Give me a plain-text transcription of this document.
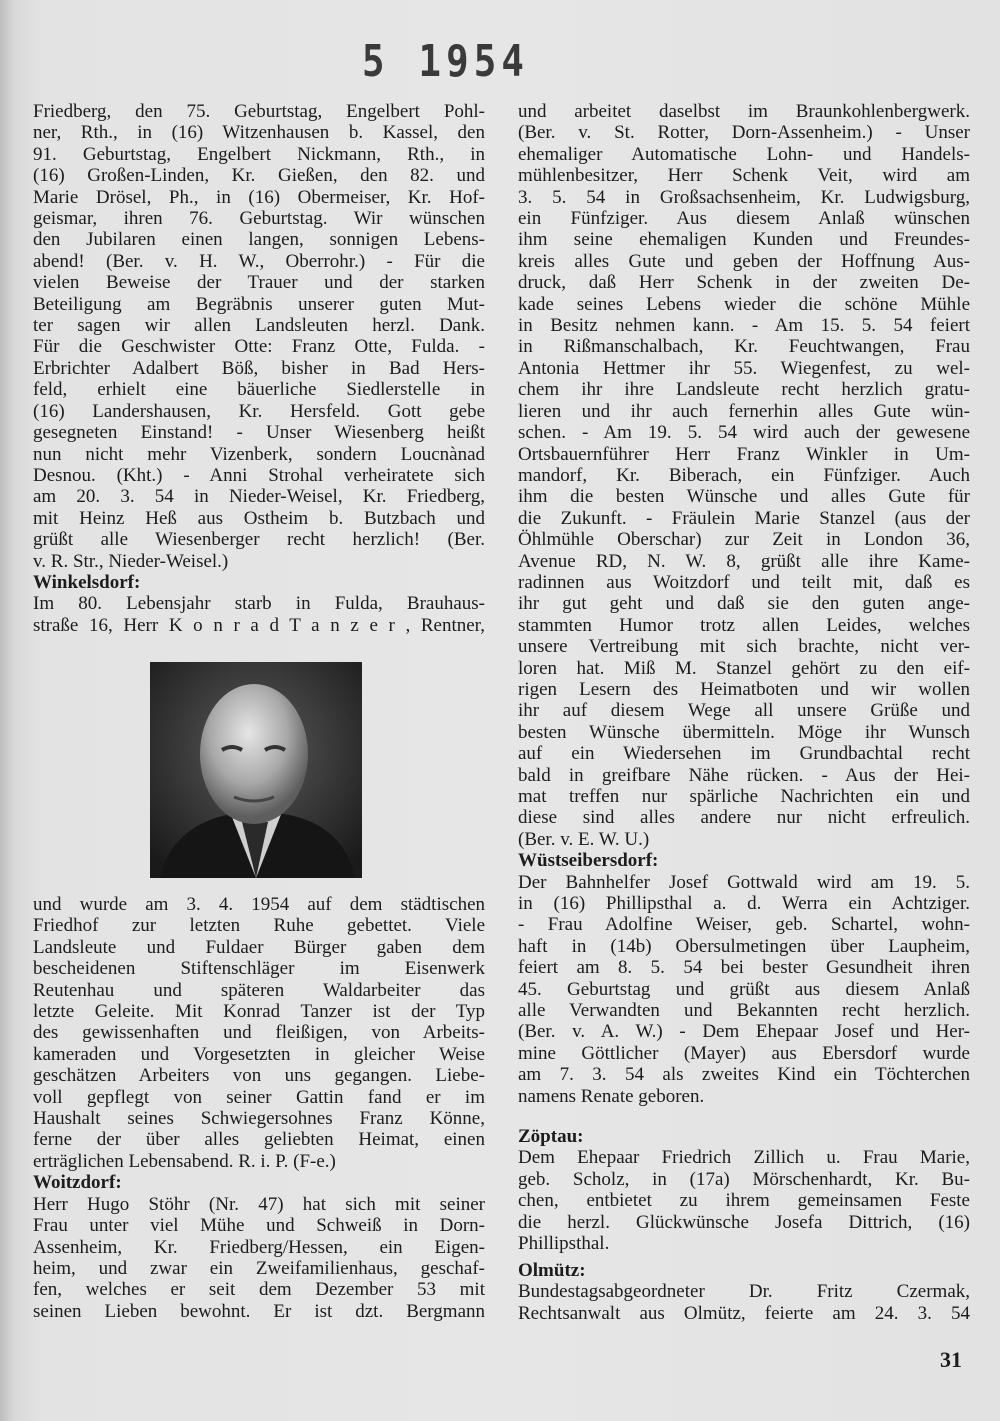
5 1954
Friedberg, den 75. Geburtstag, Engelbert Pohl-
ner, Rth., in (16) Witzenhausen b. Kassel, den
91. Geburtstag, Engelbert Nickmann, Rth., in
(16) Großen-Linden, Kr. Gießen, den 82. und
Marie Drösel, Ph., in (16) Obermeiser, Kr. Hof-
geismar, ihren 76. Geburtstag. Wir wünschen
den Jubilaren einen langen, sonnigen Lebens-
abend! (Ber. v. H. W., Oberrohr.) - Für die
vielen Beweise der Trauer und der starken
Beteiligung am Begräbnis unserer guten Mut-
ter sagen wir allen Landsleuten herzl. Dank.
Für die Geschwister Otte: Franz Otte, Fulda. -
Erbrichter Adalbert Böß, bisher in Bad Hers-
feld, erhielt eine bäuerliche Siedlerstelle in
(16) Landershausen, Kr. Hersfeld. Gott gebe
gesegneten Einstand! - Unser Wiesenberg heißt
nun nicht mehr Vizenberk, sondern Loucnànad
Desnou. (Kht.) - Anni Strohal verheiratete sich
am 20. 3. 54 in Nieder-Weisel, Kr. Friedberg,
mit Heinz Heß aus Ostheim b. Butzbach und
grüßt alle Wiesenberger recht herzlich! (Ber.
v. R. Str., Nieder-Weisel.)
Winkelsdorf:
Im 80. Lebensjahr starb in Fulda, Brauhaus-
straße 16, Herr K o n r a d T a n z e r , Rentner,
und wurde am 3. 4. 1954 auf dem städtischen
Friedhof zur letzten Ruhe gebettet. Viele
Landsleute und Fuldaer Bürger gaben dem
bescheidenen Stiftenschläger im Eisenwerk
Reutenhau und späteren Waldarbeiter das
letzte Geleite. Mit Konrad Tanzer ist der Typ
des gewissenhaften und fleißigen, von Arbeits-
kameraden und Vorgesetzten in gleicher Weise
geschätzen Arbeiters von uns gegangen. Liebe-
voll gepflegt von seiner Gattin fand er im
Haushalt seines Schwiegersohnes Franz Könne,
ferne der über alles geliebten Heimat, einen
erträglichen Lebensabend. R. i. P. (F-e.)
Woitzdorf:
Herr Hugo Stöhr (Nr. 47) hat sich mit seiner
Frau unter viel Mühe und Schweiß in Dorn-
Assenheim, Kr. Friedberg/Hessen, ein Eigen-
heim, und zwar ein Zweifamilienhaus, geschaf-
fen, welches er seit dem Dezember 53 mit
seinen Lieben bewohnt. Er ist dzt. Bergmann
und arbeitet daselbst im Braunkohlenbergwerk.
(Ber. v. St. Rotter, Dorn-Assenheim.) - Unser
ehemaliger Automatische Lohn- und Handels-
mühlenbesitzer, Herr Schenk Veit, wird am
3. 5. 54 in Großsachsenheim, Kr. Ludwigsburg,
ein Fünfziger. Aus diesem Anlaß wünschen
ihm seine ehemaligen Kunden und Freundes-
kreis alles Gute und geben der Hoffnung Aus-
druck, daß Herr Schenk in der zweiten De-
kade seines Lebens wieder die schöne Mühle
in Besitz nehmen kann. - Am 15. 5. 54 feiert
in Rißmanschalbach, Kr. Feuchtwangen, Frau
Antonia Hettmer ihr 55. Wiegenfest, zu wel-
chem ihr ihre Landsleute recht herzlich gratu-
lieren und ihr auch fernerhin alles Gute wün-
schen. - Am 19. 5. 54 wird auch der gewesene
Ortsbauernführer Herr Franz Winkler in Um-
mandorf, Kr. Biberach, ein Fünfziger. Auch
ihm die besten Wünsche und alles Gute für
die Zukunft. - Fräulein Marie Stanzel (aus der
Öhlmühle Oberschar) zur Zeit in London 36,
Avenue RD, N. W. 8, grüßt alle ihre Kame-
radinnen aus Woitzdorf und teilt mit, daß es
ihr gut geht und daß sie den guten ange-
stammten Humor trotz allen Leides, welches
unsere Vertreibung mit sich brachte, nicht ver-
loren hat. Miß M. Stanzel gehört zu den eif-
rigen Lesern des Heimatboten und wir wollen
ihr auf diesem Wege all unsere Grüße und
besten Wünsche übermitteln. Möge ihr Wunsch
auf ein Wiedersehen im Grundbachtal recht
bald in greifbare Nähe rücken. - Aus der Hei-
mat treffen nur spärliche Nachrichten ein und
diese sind alles andere nur nicht erfreulich.
(Ber. v. E. W. U.)
Wüstseibersdorf:
Der Bahnhelfer Josef Gottwald wird am 19. 5.
in (16) Phillipsthal a. d. Werra ein Achtziger.
- Frau Adolfine Weiser, geb. Schartel, wohn-
haft in (14b) Obersulmetingen über Laupheim,
feiert am 8. 5. 54 bei bester Gesundheit ihren
45. Geburtstag und grüßt aus diesem Anlaß
alle Verwandten und Bekannten recht herzlich.
(Ber. v. A. W.) - Dem Ehepaar Josef und Her-
mine Göttlicher (Mayer) aus Ebersdorf wurde
am 7. 3. 54 als zweites Kind ein Töchterchen
namens Renate geboren.
Zöptau:
Dem Ehepaar Friedrich Zillich u. Frau Marie,
geb. Scholz, in (17a) Mörschenhardt, Kr. Bu-
chen, entbietet zu ihrem gemeinsamen Feste
die herzl. Glückwünsche Josefa Dittrich, (16)
Phillipsthal.
Olmütz:
Bundestagsabgeordneter Dr. Fritz Czermak,
Rechtsanwalt aus Olmütz, feierte am 24. 3. 54
31
